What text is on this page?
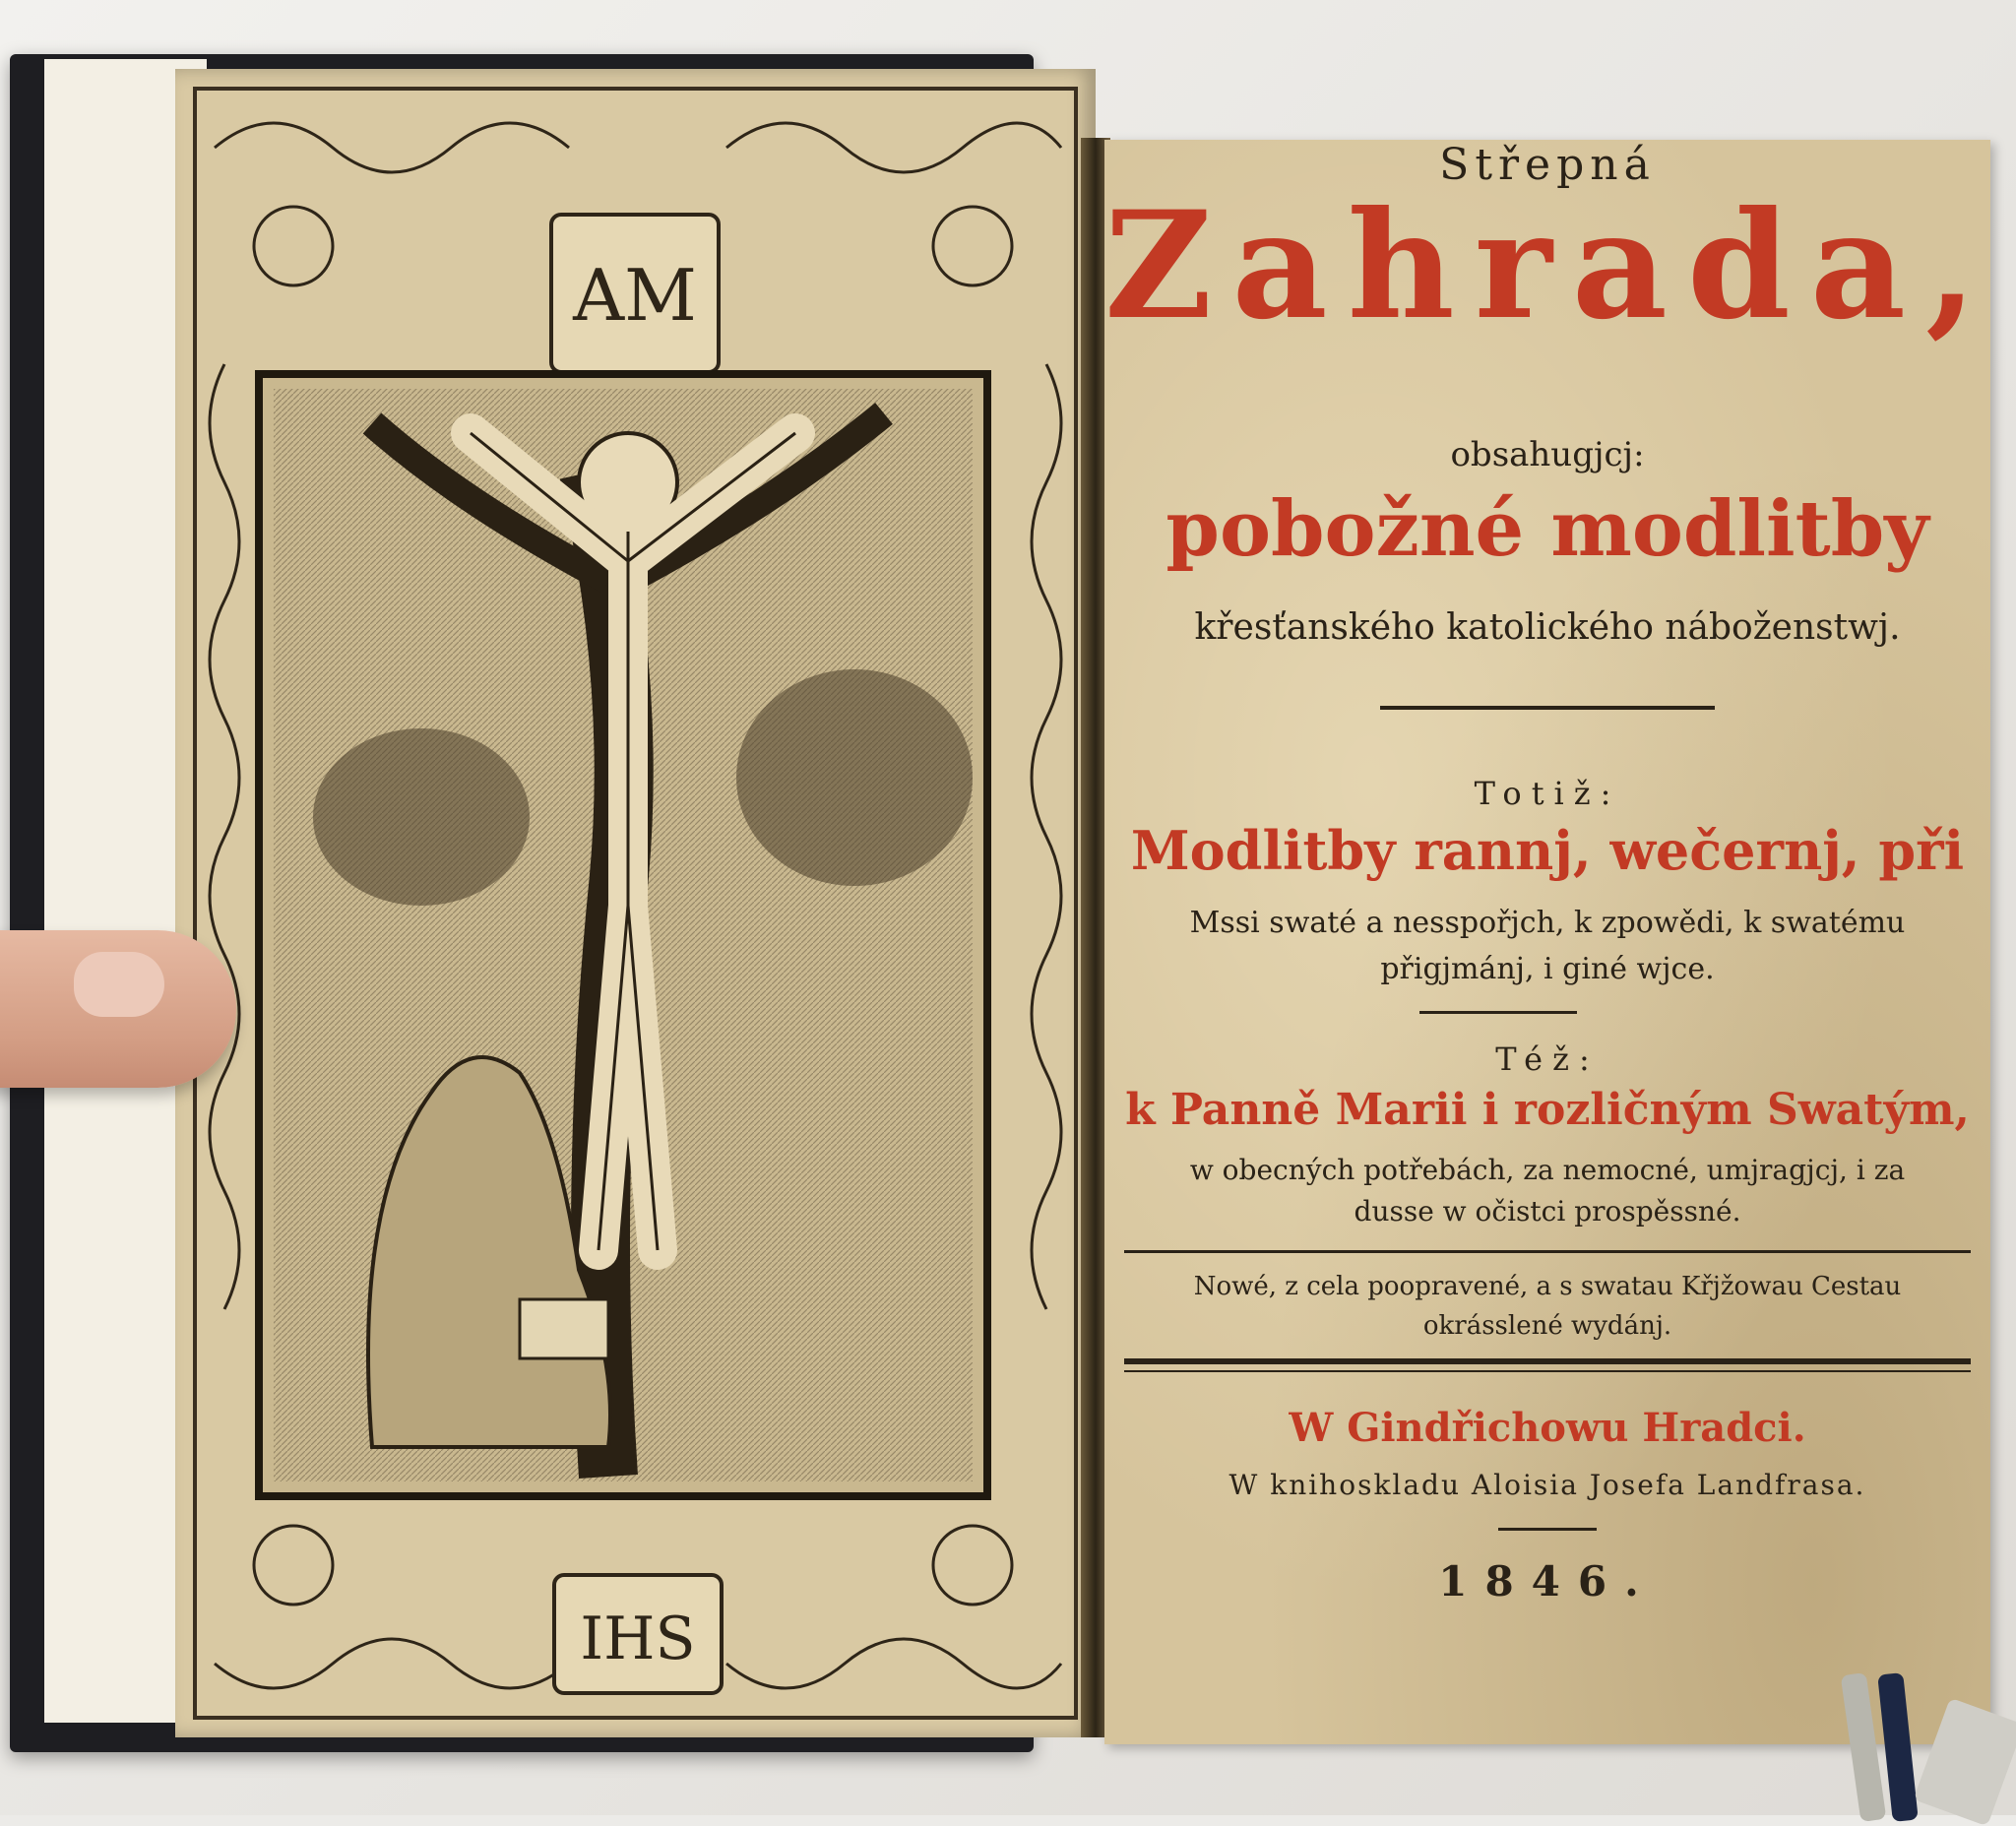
AM
IHS
Střepná
Zahrada,
obsahugjcj:
pobožné modlitby
křesťanského katolického náboženstwj.
Totiž:
Modlitby rannj, wečernj, při
Mssi swaté a nesspořjch, k zpowědi, k swatému
přigjmánj, i giné wjce.
Též:
k Panně Marii i rozličným Swatým,
w obecných potřebách, za nemocné, umjragjcj, i za
dusse w očistci prospěssné.
Nowé, z cela poopravené, a s swatau Křjžowau Cestau
okrásslené wydánj.
W Gindřichowu Hradci.
W knihoskladu Aloisia Josefa Landfrasa.
1846.
